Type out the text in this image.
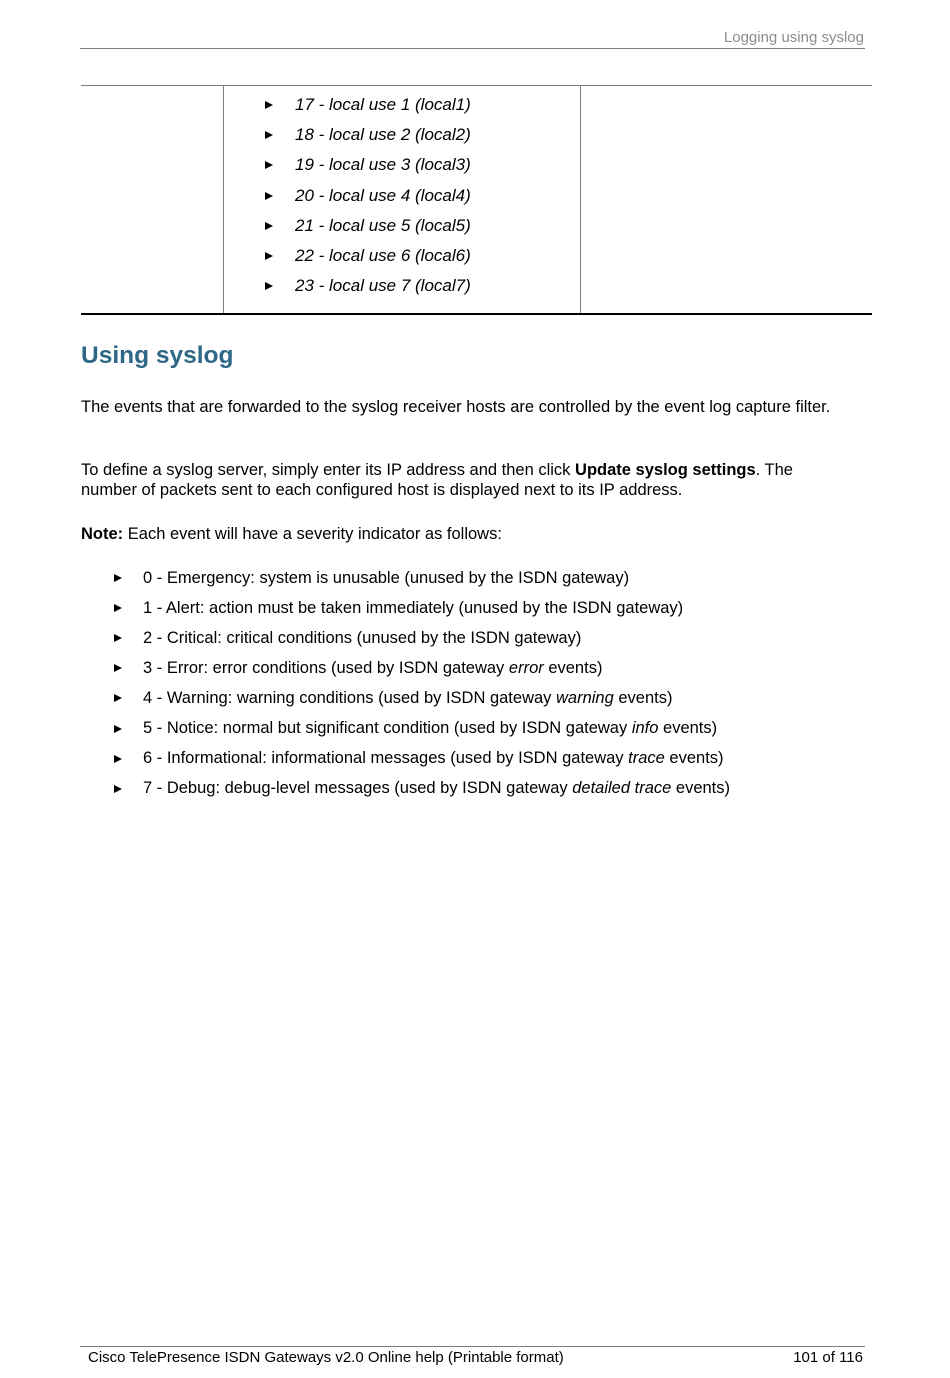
Logging using syslog
17 - local use 1 (local1)
18 - local use 2 (local2)
19 - local use 3 (local3)
20 - local use 4 (local4)
21 - local use 5 (local5)
22 - local use 6 (local6)
23 - local use 7 (local7)
Using syslog

The events that are forwarded to the syslog receiver hosts are controlled by the event log capture filter.

To define a syslog server, simply enter its IP address and then click Update syslog settings. The number of packets sent to each configured host is displayed next to its IP address.

Note: Each event will have a severity indicator as follows:

0 - Emergency: system is unusable (unused by the ISDN gateway)
1 - Alert: action must be taken immediately (unused by the ISDN gateway)
2 - Critical: critical conditions (unused by the ISDN gateway)
3 - Error: error conditions (used by ISDN gateway error events)
4 - Warning: warning conditions (used by ISDN gateway warning events)
5 - Notice: normal but significant condition (used by ISDN gateway info events)
6 - Informational: informational messages (used by ISDN gateway trace events)
7 - Debug: debug-level messages (used by ISDN gateway detailed trace events)
Cisco TelePresence ISDN Gateways v2.0 Online help (Printable format)	101 of 116
